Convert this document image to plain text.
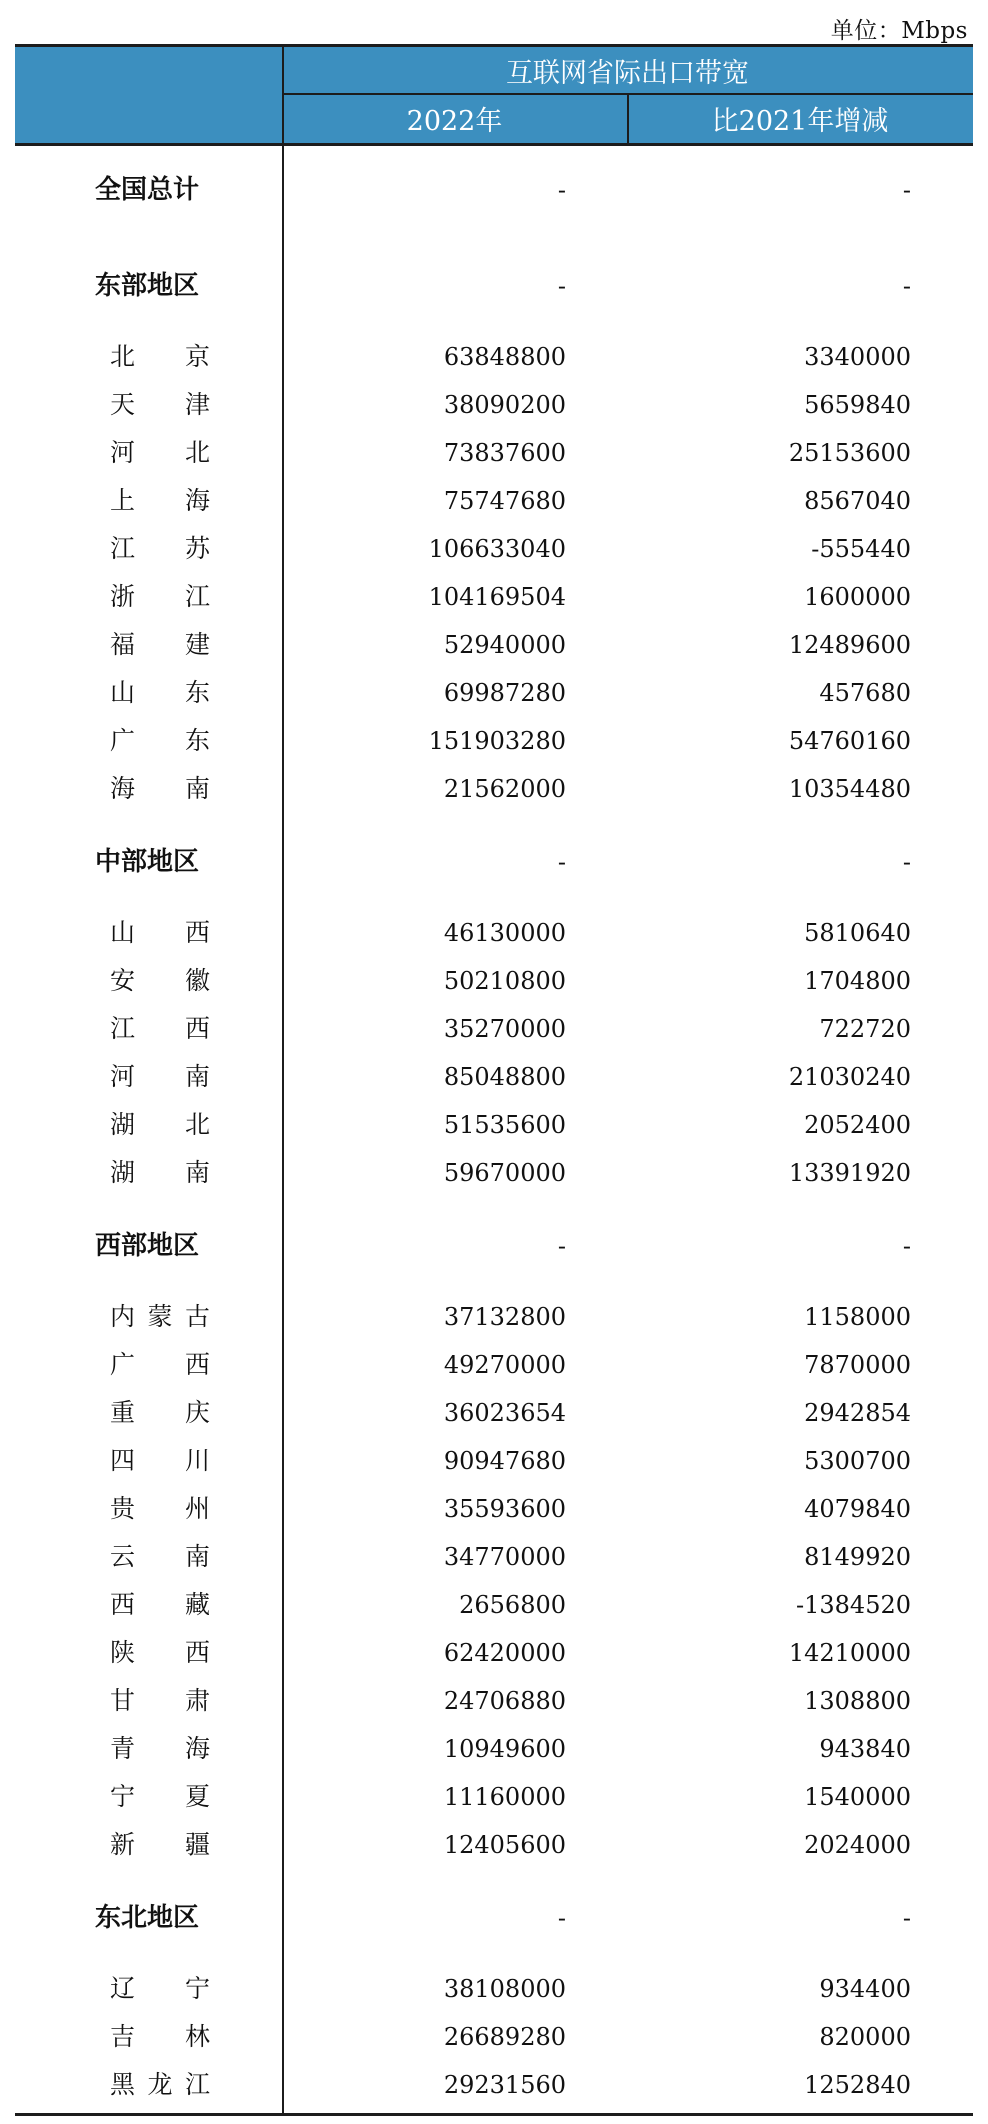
单位：Mbps
互联网省际出口带宽
2022年	比2021年增减
全国总计	-	-
东部地区	-	-
北京	63848800	3340000
天津	38090200	5659840
河北	73837600	25153600
上海	75747680	8567040
江苏	106633040	-555440
浙江	104169504	1600000
福建	52940000	12489600
山东	69987280	457680
广东	151903280	54760160
海南	21562000	10354480
中部地区	-	-
山西	46130000	5810640
安徽	50210800	1704800
江西	35270000	722720
河南	85048800	21030240
湖北	51535600	2052400
湖南	59670000	13391920
西部地区	-	-
内蒙古	37132800	1158000
广西	49270000	7870000
重庆	36023654	2942854
四川	90947680	5300700
贵州	35593600	4079840
云南	34770000	8149920
西藏	2656800	-1384520
陕西	62420000	14210000
甘肃	24706880	1308800
青海	10949600	943840
宁夏	11160000	1540000
新疆	12405600	2024000
东北地区	-	-
辽宁	38108000	934400
吉林	26689280	820000
黑龙江	29231560	1252840
